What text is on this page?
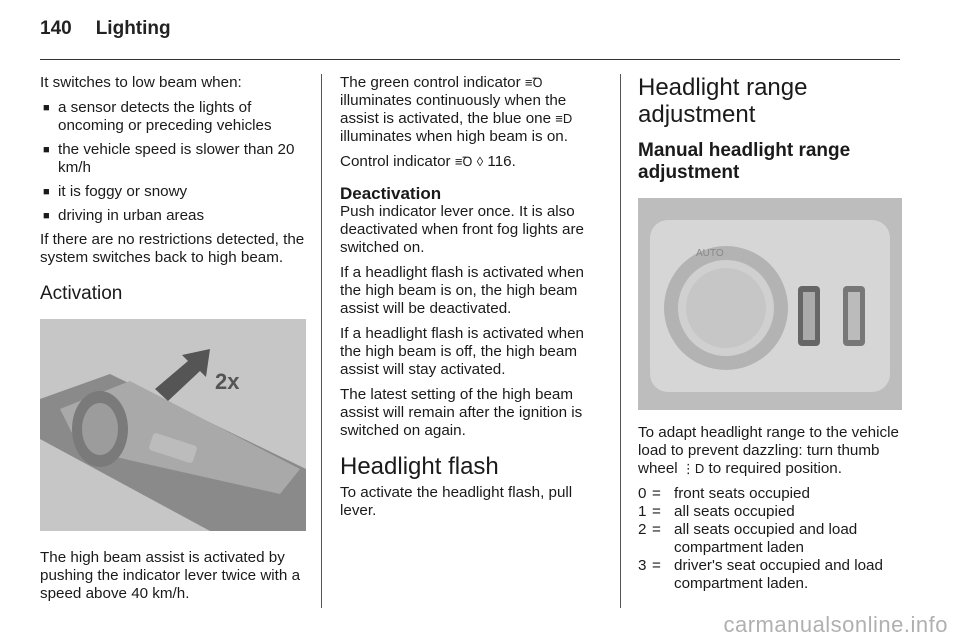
140 Lighting

It switches to low beam when:

■ a sensor detects the lights of oncoming or preceding vehicles
■ the vehicle speed is slower than 20 km/h
■ it is foggy or snowy
■ driving in urban areas

If there are no restrictions detected, the system switches back to high beam.

Activation
2x

The high beam assist is activated by pushing the indicator lever twice with a speed above 40 km/h.

The green control indicator ≡Ꝺ illuminates continuously when the assist is activated, the blue one ≡D illuminates when high beam is on.

Control indicator ≡Ꝺ ◊ 116.

Deactivation

Push indicator lever once. It is also deactivated when front fog lights are switched on.

If a headlight flash is activated when the high beam is on, the high beam assist will be deactivated.

If a headlight flash is activated when the high beam is off, the high beam assist will stay activated.

The latest setting of the high beam assist will remain after the ignition is switched on again.

Headlight flash

To activate the headlight flash, pull lever.

Headlight range adjustment
Manual headlight range adjustment
AUTO

To adapt headlight range to the vehicle load to prevent dazzling: turn thumb wheel ⋮D to required position.

0	=	front seats occupied
1	=	all seats occupied
2	=	all seats occupied and load compartment laden
3	=	driver's seat occupied and load compartment laden.
carmanualsonline.info
